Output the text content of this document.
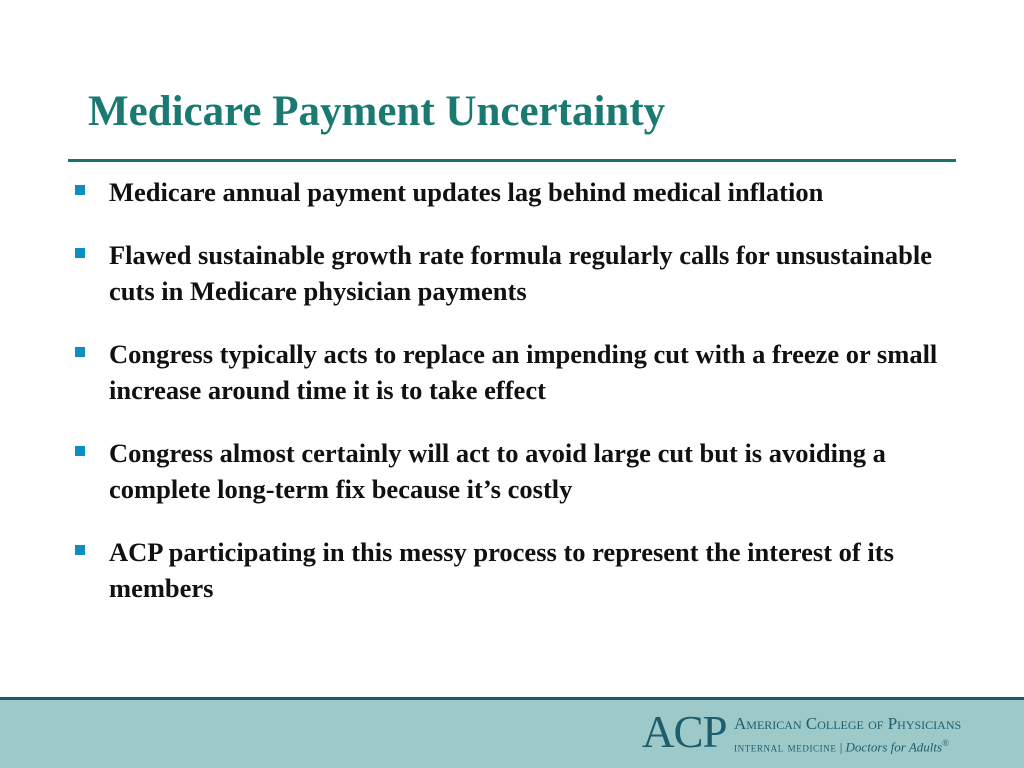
Medicare Payment Uncertainty
Medicare annual payment updates lag behind medical inflation
Flawed sustainable growth rate formula regularly calls for unsustainable cuts in Medicare physician payments
Congress typically acts to replace an impending cut with a freeze or small increase around time it is to take effect
Congress almost certainly will act to avoid large cut but is avoiding a complete long-term fix because it’s costly
ACP participating in this messy process to represent the interest of its members
ACP American College of Physicians
internal medicine | Doctors for Adults®
